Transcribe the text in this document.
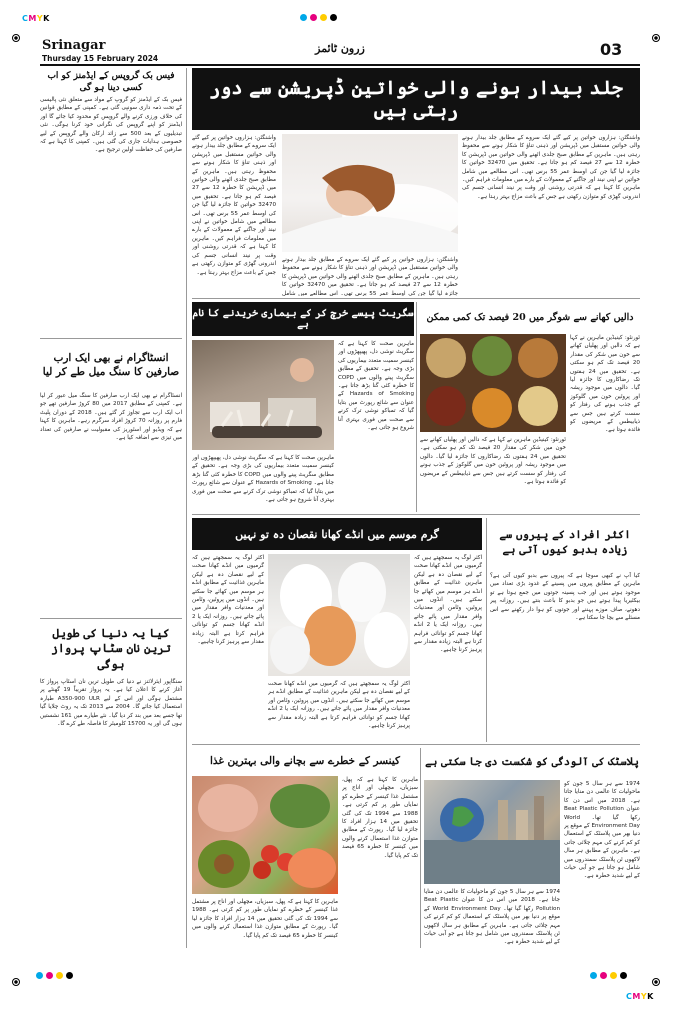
CMYK
Srinagar
Thursday 15 February 2024
زرون ٹائمز	03
فیس بک گروپس کے ایڈمنز کو اب کسی دینا ہو گی
فیس بک کے ایڈمنز کو گروپ کے مواد سے متعلق نئی پالیسی کے تحت ذمہ داری سونپی گئی ہے۔ کمپنی کے مطابق قوانین کی خلاف ورزی کرنے والے گروپس کو محدود کیا جائے گا اور ایڈمنز کو اپنے گروپس کی نگرانی خود کرنا ہوگی۔ نئی تبدیلیوں کے بعد 500 سے زائد ارکان والے گروپس کے لیے خصوصی ہدایات جاری کی گئی ہیں۔ کمپنی کا کہنا ہے کہ صارفین کی حفاظت اولین ترجیح ہے۔
انسٹاگرام نے بھی ایک ارب صارفین کا سنگ میل طے کر لیا
انسٹاگرام نے بھی ایک ارب صارفین کا سنگ میل عبور کر لیا ہے۔ کمپنی کے مطابق 2017 میں 80 کروڑ صارفین تھے جو اب ایک ارب سے تجاوز کر گئے ہیں۔ 2018 کے دوران پلیٹ فارم پر روزانہ 70 کروڑ افراد سرگرم رہے۔ ماہرین کا کہنا ہے کہ ویڈیو اور اسٹوریز کی مقبولیت نے صارفین کی تعداد میں تیزی سے اضافہ کیا ہے۔
کیا یہ دنیا کی طویل ترین نان سٹاپ پرواز ہوگی
سنگاپور ایئرلائنز نے دنیا کی طویل ترین نان اسٹاپ پرواز کا آغاز کرنے کا اعلان کیا ہے۔ یہ پرواز تقریباً 19 گھنٹے پر مشتمل ہوگی اور اس کے لیے A350-900 ULR طیارہ استعمال کیا جائے گا۔ 2004 سے 2013 تک یہ روٹ چلایا گیا تھا جسے بعد میں بند کر دیا گیا۔ نئے طیارے میں 161 نشستیں ہوں گی اور یہ 15700 کلومیٹر کا فاصلہ طے کرے گا۔
جلد بیدار ہونے والی خواتین ڈپریشن سے دور رہتی ہیں
واشنگٹن: ہزاروں خواتین پر کیے گئے ایک سروے کے مطابق جلد بیدار ہونے والی خواتین مستقبل میں ڈپریشن اور ذہنی تناؤ کا شکار ہونے سے محفوظ رہتی ہیں۔ ماہرین کے مطابق صبح جلدی اٹھنے والی خواتین میں ڈپریشن کا خطرہ 12 سے 27 فیصد کم ہو جاتا ہے۔ تحقیق میں 32470 خواتین کا جائزہ لیا گیا جن کی اوسط عمر 55 برس تھی۔ اس مطالعے میں شامل خواتین نے اپنی نیند اور جاگنے کے معمولات کے بارے میں معلومات فراہم کیں۔ ماہرین کا کہنا ہے کہ قدرتی روشنی اور وقت پر نیند انسانی جسم کی اندرونی گھڑی کو متوازن رکھتی ہے جس کے باعث مزاج بہتر رہتا ہے۔
واشنگٹن: ہزاروں خواتین پر کیے گئے ایک سروے کے مطابق جلد بیدار ہونے والی خواتین مستقبل میں ڈپریشن اور ذہنی تناؤ کا شکار ہونے سے محفوظ رہتی ہیں۔ ماہرین کے مطابق صبح جلدی اٹھنے والی خواتین میں ڈپریشن کا خطرہ 12 سے 27 فیصد کم ہو جاتا ہے۔ تحقیق میں 32470 خواتین کا جائزہ لیا گیا جن کی اوسط عمر 55 برس تھی۔ اس مطالعے میں شامل
واشنگٹن: ہزاروں خواتین پر کیے گئے ایک سروے کے مطابق جلد بیدار ہونے والی خواتین مستقبل میں ڈپریشن اور ذہنی تناؤ کا شکار ہونے سے محفوظ رہتی ہیں۔ ماہرین کے مطابق صبح جلدی اٹھنے والی خواتین میں ڈپریشن کا خطرہ 12 سے 27 فیصد کم ہو جاتا ہے۔ تحقیق میں 32470 خواتین کا جائزہ لیا گیا جن کی اوسط عمر 55 برس تھی۔ اس مطالعے میں شامل خواتین نے اپنی نیند اور جاگنے کے معمولات کے بارے میں معلومات فراہم کیں۔ ماہرین کا کہنا ہے کہ قدرتی روشنی اور وقت پر نیند انسانی جسم کی اندرونی گھڑی کو متوازن رکھتی ہے جس کے باعث مزاج بہتر رہتا ہے۔
سگریٹ پیسے خرچ کر کے بیماری خریدنے کا نام ہے
ماہرین صحت کا کہنا ہے کہ سگریٹ نوشی دل، پھیپھڑوں اور کینسر سمیت متعدد بیماریوں کی بڑی وجہ ہے۔ تحقیق کے مطابق سگریٹ پینے والوں میں COPD کا خطرہ کئی گنا بڑھ جاتا ہے۔ Hazards of Smoking کے عنوان سے شائع رپورٹ میں بتایا گیا کہ تمباکو نوشی ترک کرنے سے صحت میں فوری بہتری آنا شروع ہو جاتی ہے۔
ماہرین صحت کا کہنا ہے کہ سگریٹ نوشی دل، پھیپھڑوں اور کینسر سمیت متعدد بیماریوں کی بڑی وجہ ہے۔ تحقیق کے مطابق سگریٹ پینے والوں میں COPD کا خطرہ کئی گنا بڑھ جاتا ہے۔ Hazards of Smoking کے عنوان سے شائع رپورٹ میں بتایا گیا کہ تمباکو نوشی ترک کرنے سے صحت میں فوری بہتری آنا شروع ہو جاتی ہے۔
دالیں کھانے سے شوگر میں 20 فیصد تک کمی ممکن
ٹورنٹو: کینیڈین ماہرین نے کہا ہے کہ دالیں اور پھلیاں کھانے سے خون میں شکر کی مقدار 20 فیصد تک کم ہو سکتی ہے۔ تحقیق میں 24 ہفتوں تک رضاکاروں کا جائزہ لیا گیا۔ دالوں میں موجود ریشہ اور پروٹین خون میں گلوکوز کے جذب ہونے کی رفتار کو سست کرتے ہیں جس سے ذیابیطس کے مریضوں کو فائدہ ہوتا ہے۔
ٹورنٹو: کینیڈین ماہرین نے کہا ہے کہ دالیں اور پھلیاں کھانے سے خون میں شکر کی مقدار 20 فیصد تک کم ہو سکتی ہے۔ تحقیق میں 24 ہفتوں تک رضاکاروں کا جائزہ لیا گیا۔ دالوں میں موجود ریشہ اور پروٹین خون میں گلوکوز کے جذب ہونے کی رفتار کو سست کرتے ہیں جس سے ذیابیطس کے مریضوں کو فائدہ ہوتا ہے۔
گرم موسم میں انڈے کھانا نقصان دہ تو نہیں
اکثر لوگ یہ سمجھتے ہیں کہ گرمیوں میں انڈے کھانا صحت کے لیے نقصان دہ ہے لیکن ماہرین غذائیت کے مطابق انڈے ہر موسم میں کھائے جا سکتے ہیں۔ انڈوں میں پروٹین، وٹامن اور معدنیات وافر مقدار میں پائے جاتے ہیں۔ روزانہ ایک یا 2 انڈے کھانا جسم کو توانائی فراہم کرتا ہے البتہ زیادہ مقدار سے پرہیز کرنا چاہیے۔
اکثر لوگ یہ سمجھتے ہیں کہ گرمیوں میں انڈے کھانا صحت کے لیے نقصان دہ ہے لیکن ماہرین غذائیت کے مطابق انڈے ہر موسم میں کھائے جا سکتے ہیں۔ انڈوں میں پروٹین، وٹامن اور معدنیات وافر مقدار میں پائے جاتے ہیں۔ روزانہ ایک یا 2 انڈے کھانا جسم کو توانائی فراہم کرتا ہے البتہ زیادہ مقدار سے پرہیز کرنا چاہیے۔
اکثر لوگ یہ سمجھتے ہیں کہ گرمیوں میں انڈے کھانا صحت کے لیے نقصان دہ ہے لیکن ماہرین غذائیت کے مطابق انڈے ہر موسم میں کھائے جا سکتے ہیں۔ انڈوں میں پروٹین، وٹامن اور معدنیات وافر مقدار میں پائے جاتے ہیں۔ روزانہ ایک یا 2 انڈے کھانا جسم کو توانائی فراہم کرتا ہے البتہ زیادہ مقدار سے پرہیز کرنا چاہیے۔
اکثر افراد کے پیروں سے زیادہ بدبو کیوں آتی ہے
کیا آپ نے کبھی سوچا ہے کہ پیروں سے بدبو کیوں آتی ہے؟ ماہرین کے مطابق پیروں میں پسینے کے غدود بڑی تعداد میں موجود ہوتے ہیں اور جب پسینہ جوتوں میں جمع ہوتا ہے تو بیکٹیریا پیدا ہوتے ہیں جو بدبو کا باعث بنتے ہیں۔ روزانہ پیر دھونے، صاف موزے پہننے اور جوتوں کو ہوا دار رکھنے سے اس مسئلے سے بچا جا سکتا ہے۔
کینسر کے خطرے سے بچانے والی بہترین غذا
ماہرین کا کہنا ہے کہ پھل، سبزیاں، مچھلی اور اناج پر مشتمل غذا کینسر کے خطرے کو نمایاں طور پر کم کرتی ہے۔ 1988 سے 1994 تک کی گئی تحقیق میں 14 ہزار افراد کا جائزہ لیا گیا۔ رپورٹ کے مطابق متوازن غذا استعمال کرنے والوں میں کینسر کا خطرہ 65 فیصد تک کم پایا گیا۔
ماہرین کا کہنا ہے کہ پھل، سبزیاں، مچھلی اور اناج پر مشتمل غذا کینسر کے خطرے کو نمایاں طور پر کم کرتی ہے۔ 1988 سے 1994 تک کی گئی تحقیق میں 14 ہزار افراد کا جائزہ لیا گیا۔ رپورٹ کے مطابق متوازن غذا استعمال کرنے والوں میں کینسر کا خطرہ 65 فیصد تک کم پایا گیا۔
پلاسٹک کی آلودگی کو شکست دی جا سکتی ہے
1974 سے ہر سال 5 جون کو ماحولیات کا عالمی دن منایا جاتا ہے۔ 2018 میں اس دن کا عنوان Beat Plastic Pollution رکھا گیا تھا۔ World Environment Day کے موقع پر دنیا بھر میں پلاسٹک کے استعمال کو کم کرنے کی مہم چلائی جاتی ہے۔ ماہرین کے مطابق ہر سال لاکھوں ٹن پلاسٹک سمندروں میں شامل ہو جاتا ہے جو آبی حیات کے لیے شدید خطرہ ہے۔
1974 سے ہر سال 5 جون کو ماحولیات کا عالمی دن منایا جاتا ہے۔ 2018 میں اس دن کا عنوان Beat Plastic Pollution رکھا گیا تھا۔ World Environment Day کے موقع پر دنیا بھر میں پلاسٹک کے استعمال کو کم کرنے کی مہم چلائی جاتی ہے۔ ماہرین کے مطابق ہر سال لاکھوں ٹن پلاسٹک سمندروں میں شامل ہو جاتا ہے جو آبی حیات کے لیے شدید خطرہ ہے۔
CMYK
